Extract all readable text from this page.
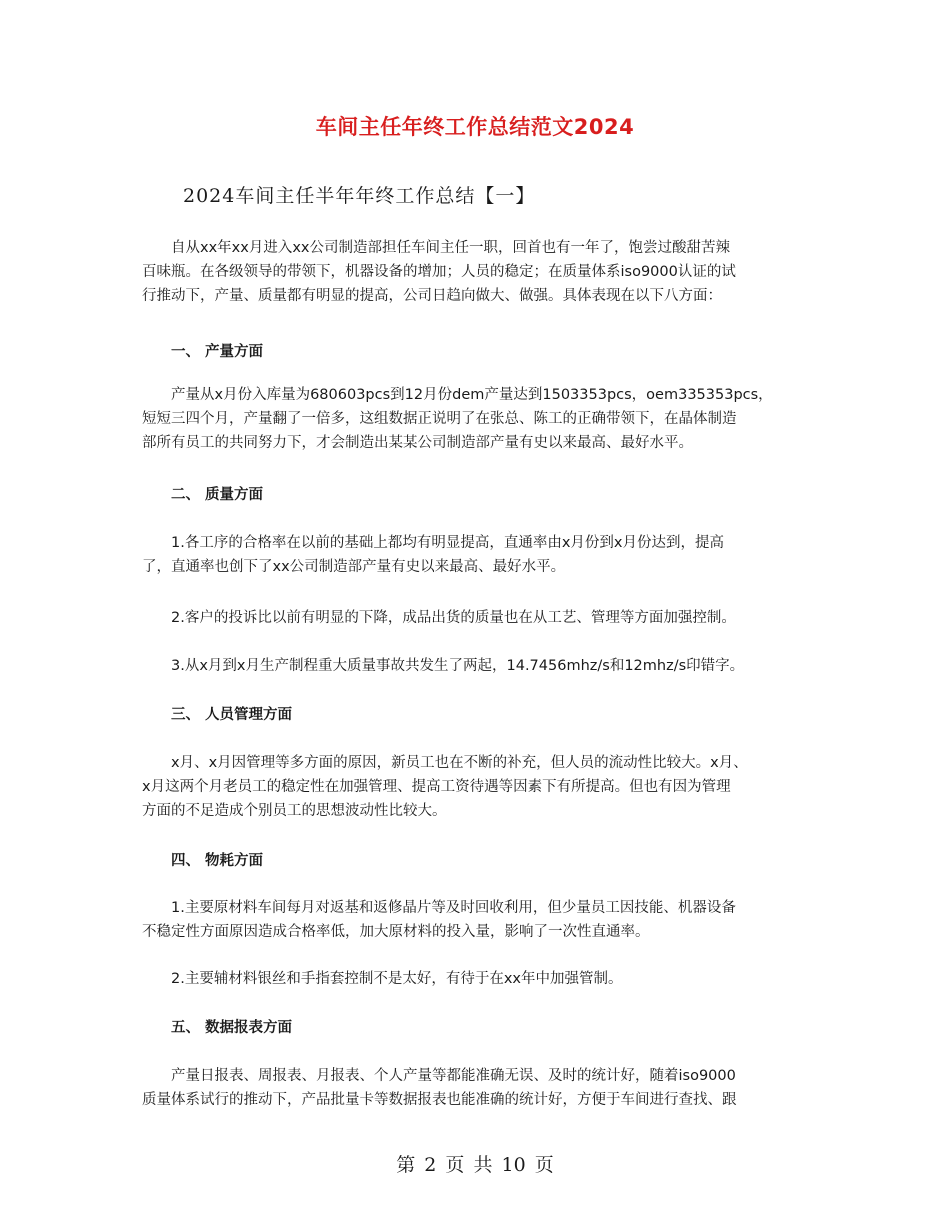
车间主任年终工作总结范文2024
2024车间主任半年年终工作总结【一】
自从xx年xx月进入xx公司制造部担任车间主任一职，回首也有一年了，饱尝过酸甜苦辣
百味瓶。在各级领导的带领下，机器设备的增加；人员的稳定；在质量体系iso9000认证的试
行推动下，产量、质量都有明显的提高，公司日趋向做大、做强。具体表现在以下八方面：
一、 产量方面
产量从x月份入库量为680603pcs到12月份dem产量达到1503353pcs，oem335353pcs，
短短三四个月，产量翻了一倍多，这组数据正说明了在张总、陈工的正确带领下，在晶体制造
部所有员工的共同努力下，才会制造出某某公司制造部产量有史以来最高、最好水平。
二、 质量方面
1.各工序的合格率在以前的基础上都均有明显提高，直通率由x月份到x月份达到，提高
了，直通率也创下了xx公司制造部产量有史以来最高、最好水平。
2.客户的投诉比以前有明显的下降，成品出货的质量也在从工艺、管理等方面加强控制。
3.从x月到x月生产制程重大质量事故共发生了两起，14.7456mhz/s和12mhz/s印错字。
三、 人员管理方面
x月、x月因管理等多方面的原因，新员工也在不断的补充，但人员的流动性比较大。x月、
x月这两个月老员工的稳定性在加强管理、提高工资待遇等因素下有所提高。但也有因为管理
方面的不足造成个别员工的思想波动性比较大。
四、 物耗方面
1.主要原材料车间每月对返基和返修晶片等及时回收利用，但少量员工因技能、机器设备
不稳定性方面原因造成合格率低，加大原材料的投入量，影响了一次性直通率。
2.主要辅材料银丝和手指套控制不是太好，有待于在xx年中加强管制。
五、 数据报表方面
产量日报表、周报表、月报表、个人产量等都能准确无误、及时的统计好，随着iso9000
质量体系试行的推动下，产品批量卡等数据报表也能准确的统计好，方便于车间进行查找、跟
第 2 页 共 10 页
